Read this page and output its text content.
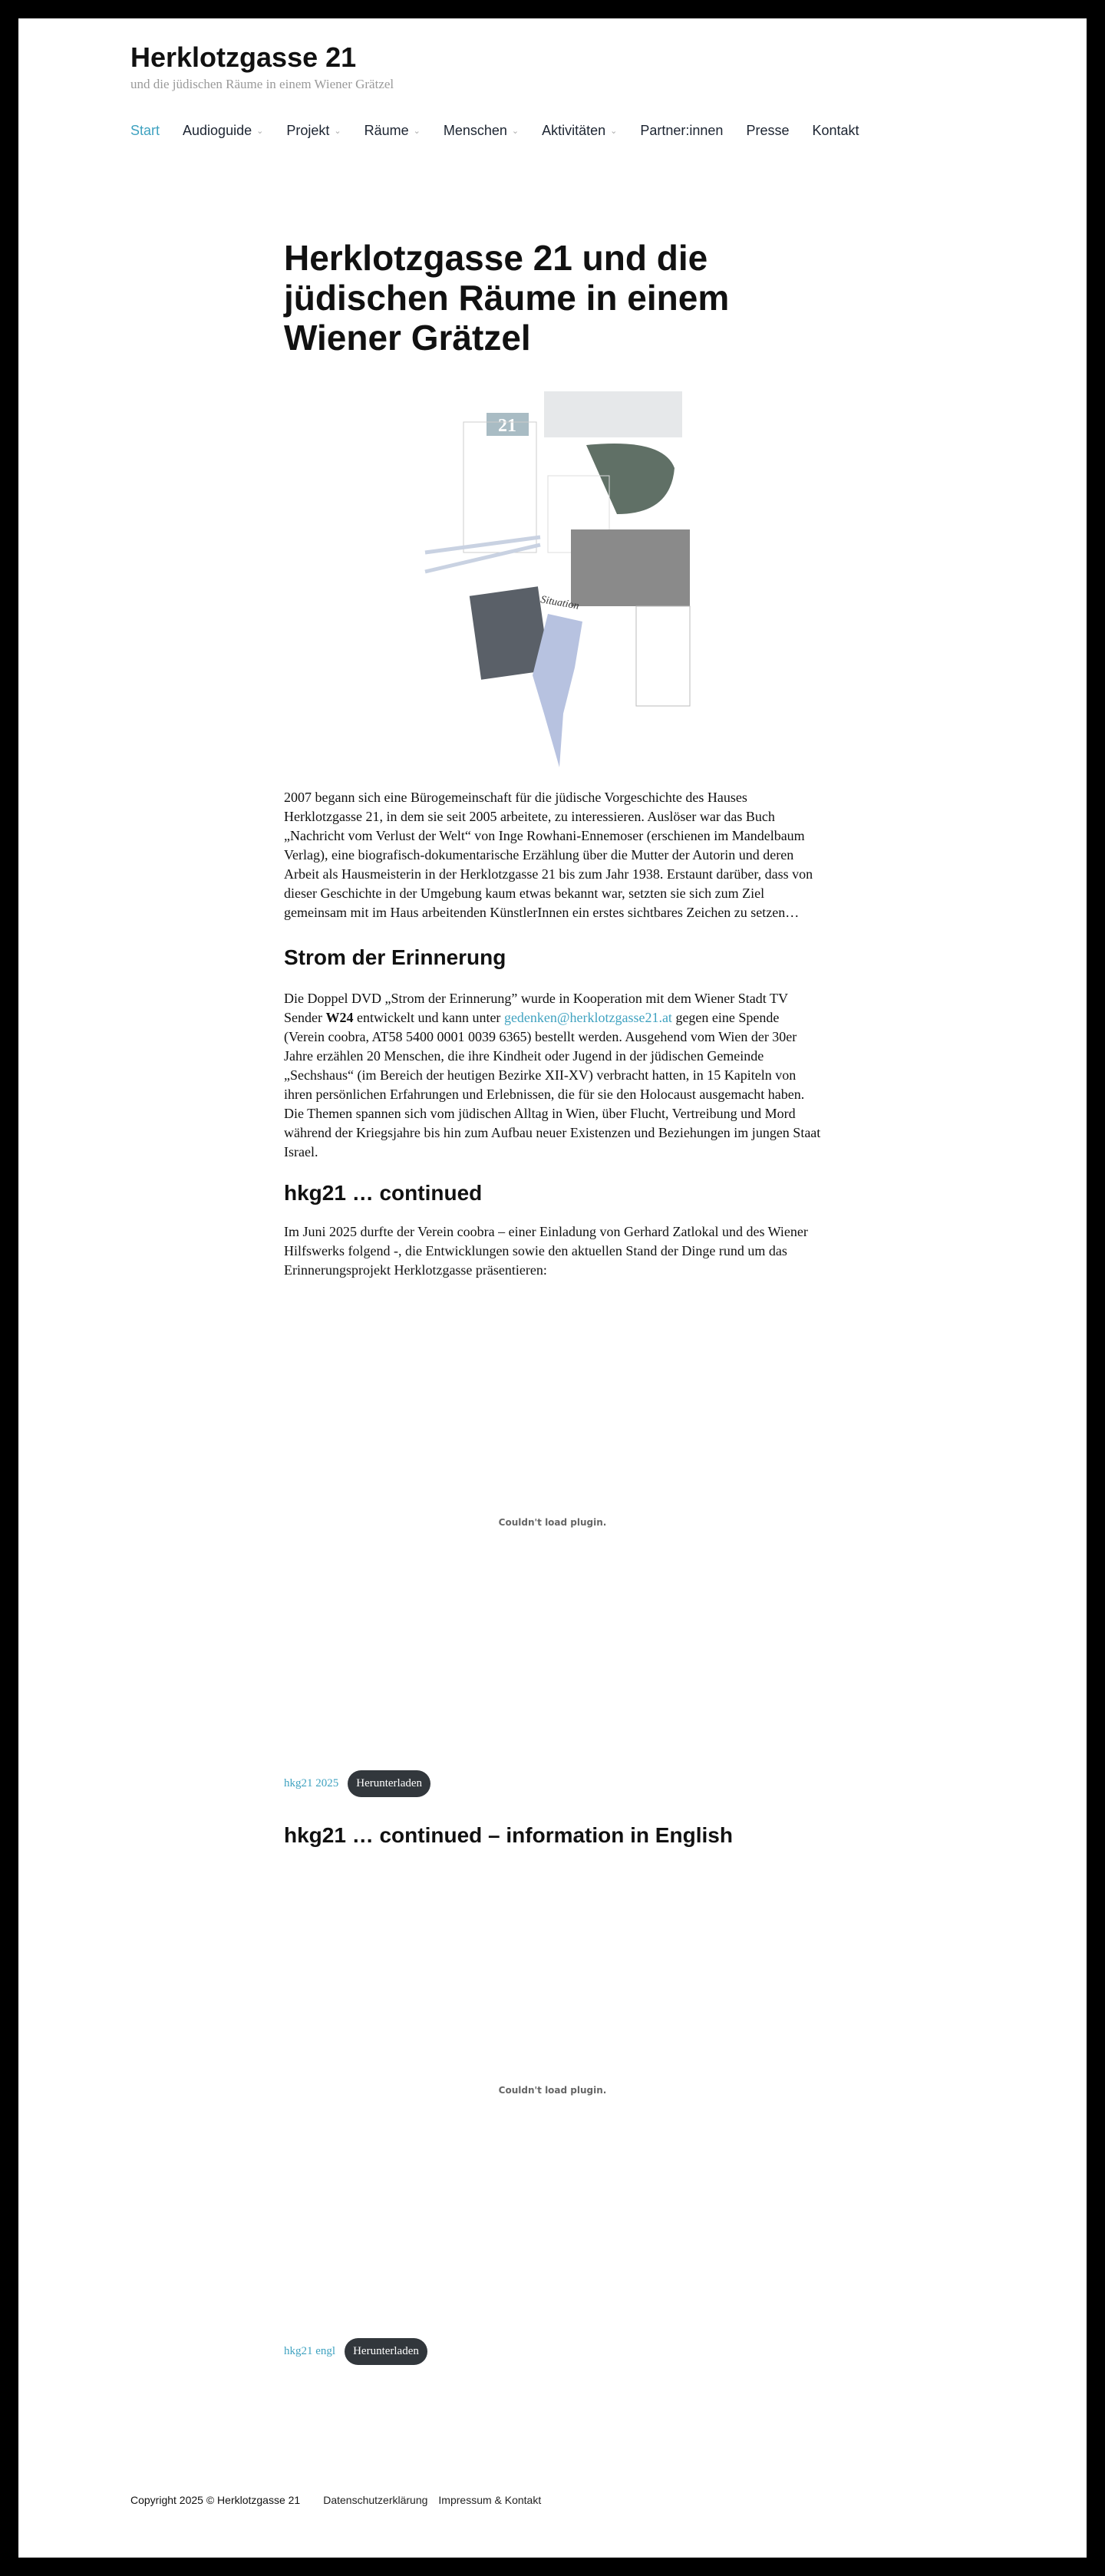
Herklotzgasse 21
und die jüdischen Räume in einem Wiener Grätzel
Start Audioguide ⌄ Projekt ⌄ Räume ⌄ Menschen ⌄ Aktivitäten ⌄ Partner:innen Presse Kontakt
Herklotzgasse 21 und die jüdischen Räume in einem Wiener Grätzel
21
Situation

2007 begann sich eine Bürogemeinschaft für die jüdische Vorgeschichte des Hauses Herklotzgasse 21, in dem sie seit 2005 arbeitete, zu interessieren. Auslöser war das Buch „Nachricht vom Verlust der Welt“ von Inge Rowhani-Ennemoser (erschienen im Mandelbaum Verlag), eine biografisch-dokumentarische Erzählung über die Mutter der Autorin und deren Arbeit als Hausmeisterin in der Herklotzgasse 21 bis zum Jahr 1938. Erstaunt darüber, dass von dieser Geschichte in der Umgebung kaum etwas bekannt war, setzten sie sich zum Ziel gemeinsam mit im Haus arbeitenden KünstlerInnen ein erstes sichtbares Zeichen zu setzen…

Strom der Erinnerung

Die Doppel DVD „Strom der Erinnerung” wurde in Kooperation mit dem Wiener Stadt TV Sender W24 entwickelt und kann unter gedenken@herklotzgasse21.at gegen eine Spende (Verein coobra, AT58 5400 0001 0039 6365) bestellt werden. Ausgehend vom Wien der 30er Jahre erzählen 20 Menschen, die ihre Kindheit oder Jugend in der jüdischen Gemeinde „Sechshaus“ (im Bereich der heutigen Bezirke XII-XV) verbracht hatten, in 15 Kapiteln von ihren persönlichen Erfahrungen und Erlebnissen, die für sie den Holocaust ausgemacht haben. Die Themen spannen sich vom jüdischen Alltag in Wien, über Flucht, Vertreibung und Mord während der Kriegsjahre bis hin zum Aufbau neuer Existenzen und Beziehungen im jungen Staat Israel.

hkg21 … continued

Im Juni 2025 durfte der Verein coobra – einer Einladung von Gerhard Zatlokal und des Wiener Hilfswerks folgend -, die Entwicklungen sowie den aktuellen Stand der Dinge rund um das Erinnerungsprojekt Herklotzgasse präsentieren:

Couldn't load plugin.
hkg21 2025	Herunterladen
hkg21 … continued – information in English
Couldn't load plugin.
hkg21 engl	Herunterladen
Copyright 2025 © Herklotzgasse 21 Datenschutzerklärung Impressum & Kontakt
